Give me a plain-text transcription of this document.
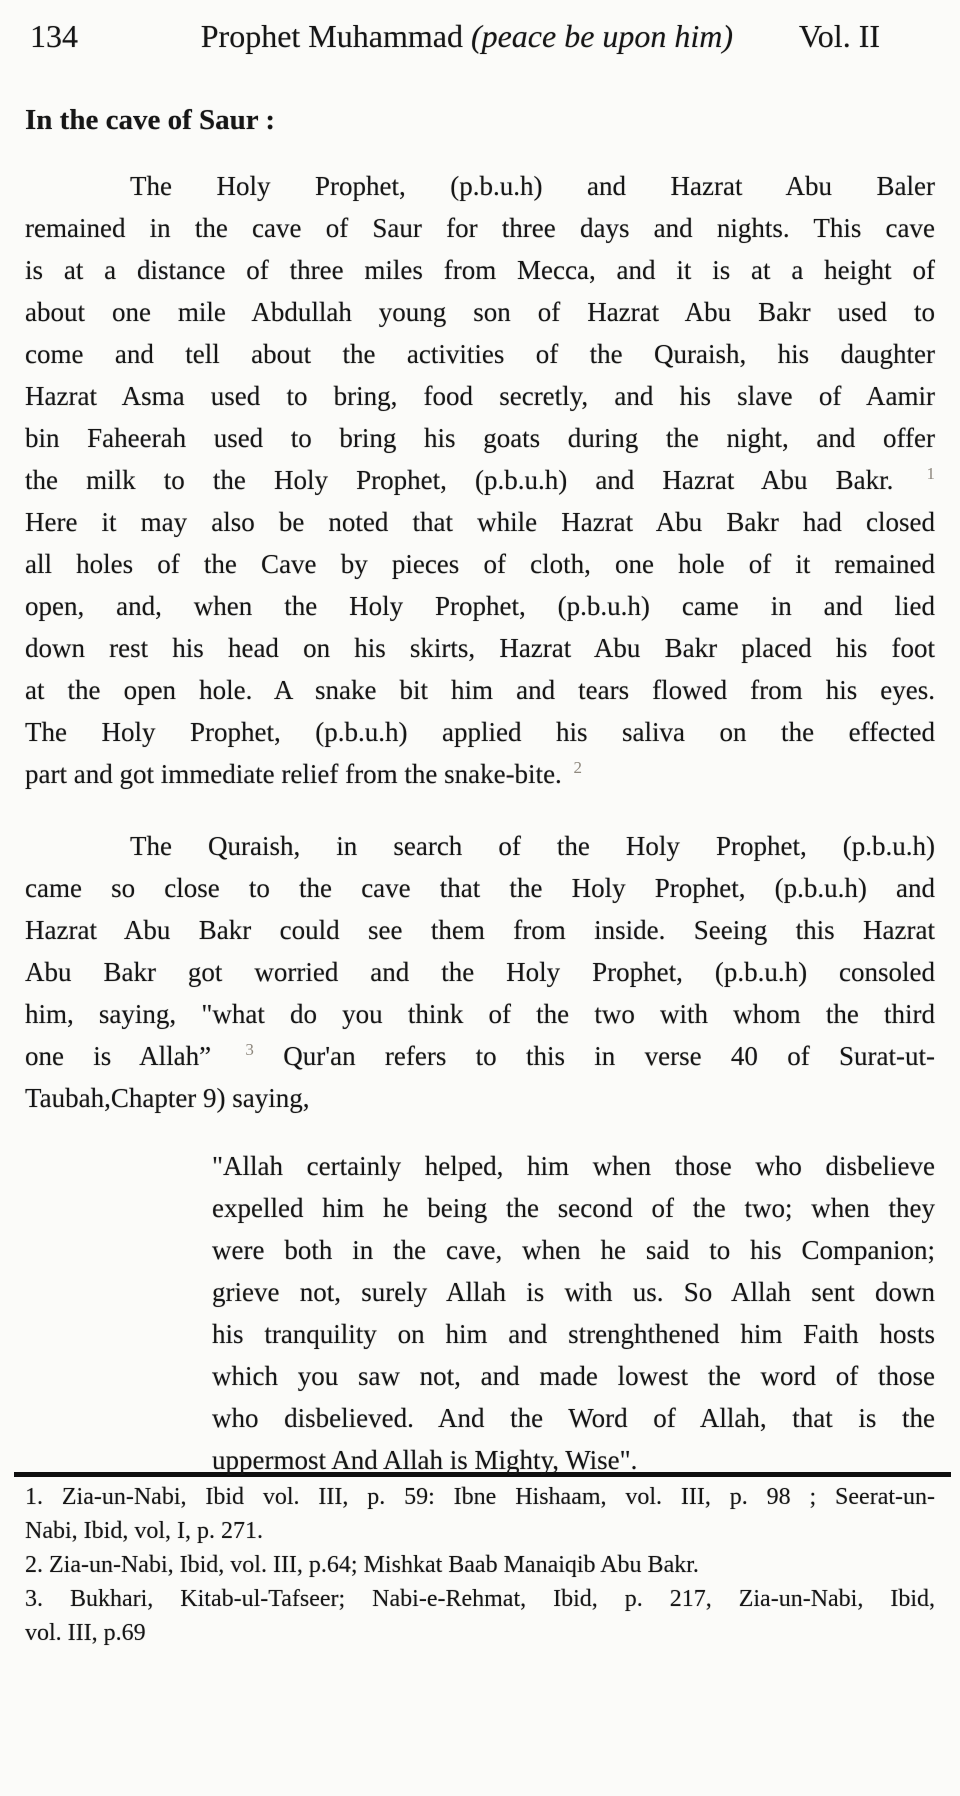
134	Prophet Muhammad (peace be upon him)	Vol. II
In the cave of Saur :
The Holy Prophet, (p.b.u.h) and Hazrat Abu Baler
remained in the cave of Saur for three days and nights. This cave
is at a distance of three miles from Mecca, and it is at a height of
about one mile Abdullah young son of Hazrat Abu Bakr used to
come and tell about the activities of the Quraish, his daughter
Hazrat Asma used to bring, food secretly, and his slave of Aamir
bin Faheerah used to bring his goats during the night, and offer
the milk to the Holy Prophet, (p.b.u.h) and Hazrat Abu Bakr. $^1$
Here it may also be noted that while Hazrat Abu Bakr had closed
all holes of the Cave by pieces of cloth, one hole of it remained
open, and, when the Holy Prophet, (p.b.u.h) came in and lied
down rest his head on his skirts, Hazrat Abu Bakr placed his foot
at the open hole. A snake bit him and tears flowed from his eyes.
The Holy Prophet, (p.b.u.h) applied his saliva on the effected
part and got immediate relief from the snake-bite. $^2$
The Quraish, in search of the Holy Prophet, (p.b.u.h)
came so close to the cave that the Holy Prophet, (p.b.u.h) and
Hazrat Abu Bakr could see them from inside. Seeing this Hazrat
Abu Bakr got worried and the Holy Prophet, (p.b.u.h) consoled
him, saying, "what do you think of the two with whom the third
one is Allah” $^3$ Qur'an refers to this in verse 40 of Surat-ut-
Taubah,Chapter 9) saying,
"Allah certainly helped, him when those who disbelieve
expelled him he being the second of the two; when they
were both in the cave, when he said to his Companion;
grieve not, surely Allah is with us. So Allah sent down
his tranquility on him and strenghthened him Faith hosts
which you saw not, and made lowest the word of those
who disbelieved. And the Word of Allah, that is the
uppermost And Allah is Mighty, Wise".
1. Zia-un-Nabi, Ibid vol. III, p. 59: Ibne Hishaam, vol. III, p. 98 ; Seerat-un-
Nabi, Ibid, vol, I, p. 271.
2. Zia-un-Nabi, Ibid, vol. III, p.64; Mishkat Baab Manaiqib Abu Bakr.
3. Bukhari, Kitab-ul-Tafseer; Nabi-e-Rehmat, Ibid, p. 217, Zia-un-Nabi, Ibid,
vol. III, p.69
